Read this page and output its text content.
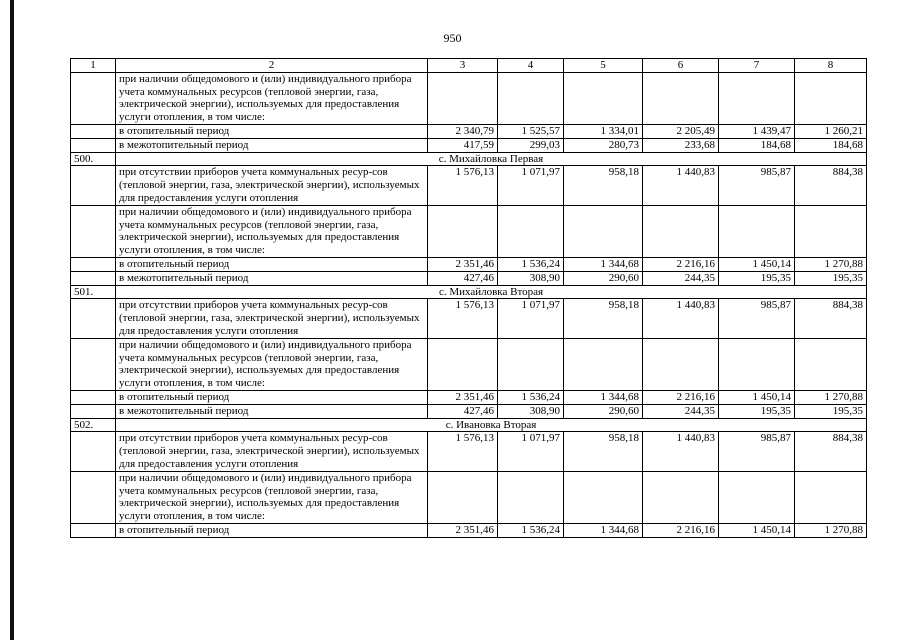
950
1	2	3	4	5	6	7	8
	при наличии общедомового и (или) индивидуального прибора учета коммунальных ресурсов (тепловой энергии, газа, электрической энергии), используемых для предоставления услуги отопления, в том числе:						
	в отопительный период	2 340,79	1 525,57	1 334,01	2 205,49	1 439,47	1 260,21
	в межотопительный период	417,59	299,03	280,73	233,68	184,68	184,68
500.	с. Михайловка Первая						
	при отсутствии приборов учета коммунальных ресур-сов (тепловой энергии, газа, электрической энергии), используемых для предоставления услуги отопления	1 576,13	1 071,97	958,18	1 440,83	985,87	884,38
	при наличии общедомового и (или) индивидуального прибора учета коммунальных ресурсов (тепловой энергии, газа, электрической энергии), используемых для предоставления услуги отопления, в том числе:						
	в отопительный период	2 351,46	1 536,24	1 344,68	2 216,16	1 450,14	1 270,88
	в межотопительный период	427,46	308,90	290,60	244,35	195,35	195,35
501.	с. Михайловка Вторая						
	при отсутствии приборов учета коммунальных ресур-сов (тепловой энергии, газа, электрической энергии), используемых для предоставления услуги отопления	1 576,13	1 071,97	958,18	1 440,83	985,87	884,38
	при наличии общедомового и (или) индивидуального прибора учета коммунальных ресурсов (тепловой энергии, газа, электрической энергии), используемых для предоставления услуги отопления, в том числе:						
	в отопительный период	2 351,46	1 536,24	1 344,68	2 216,16	1 450,14	1 270,88
	в межотопительный период	427,46	308,90	290,60	244,35	195,35	195,35
502.	с. Ивановка Вторая						
	при отсутствии приборов учета коммунальных ресур-сов (тепловой энергии, газа, электрической энергии), используемых для предоставления услуги отопления	1 576,13	1 071,97	958,18	1 440,83	985,87	884,38
	при наличии общедомового и (или) индивидуального прибора учета коммунальных ресурсов (тепловой энергии, газа, электрической энергии), используемых для предоставления услуги отопления, в том числе:						
	в отопительный период	2 351,46	1 536,24	1 344,68	2 216,16	1 450,14	1 270,88
